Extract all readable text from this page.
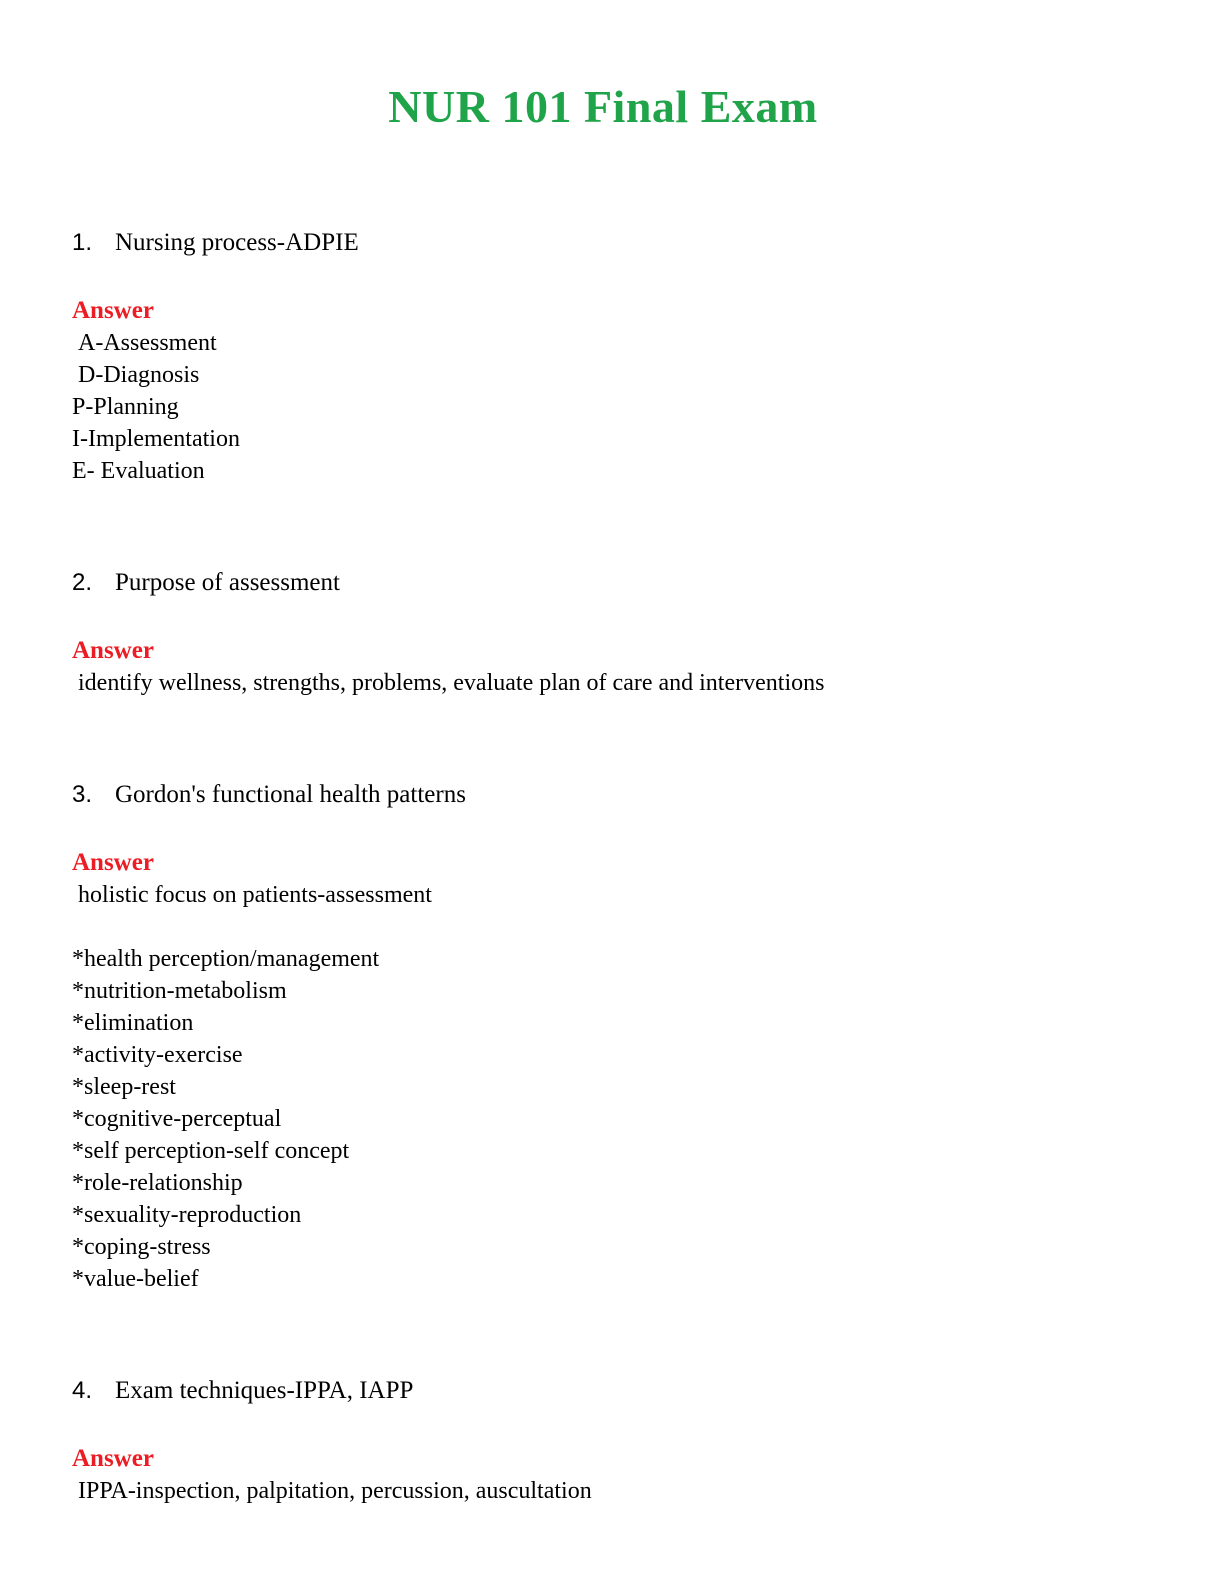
NUR 101 Final Exam
1. Nursing process-ADPIE
Answer
A-Assessment
D-Diagnosis
P-Planning
I-Implementation
E- Evaluation
2. Purpose of assessment
Answer
identify wellness, strengths, problems, evaluate plan of care and interventions
3. Gordon's functional health patterns
Answer
holistic focus on patients-assessment
*health perception/management
*nutrition-metabolism
*elimination
*activity-exercise
*sleep-rest
*cognitive-perceptual
*self perception-self concept
*role-relationship
*sexuality-reproduction
*coping-stress
*value-belief
4. Exam techniques-IPPA, IAPP
Answer
IPPA-inspection, palpitation, percussion, auscultation
